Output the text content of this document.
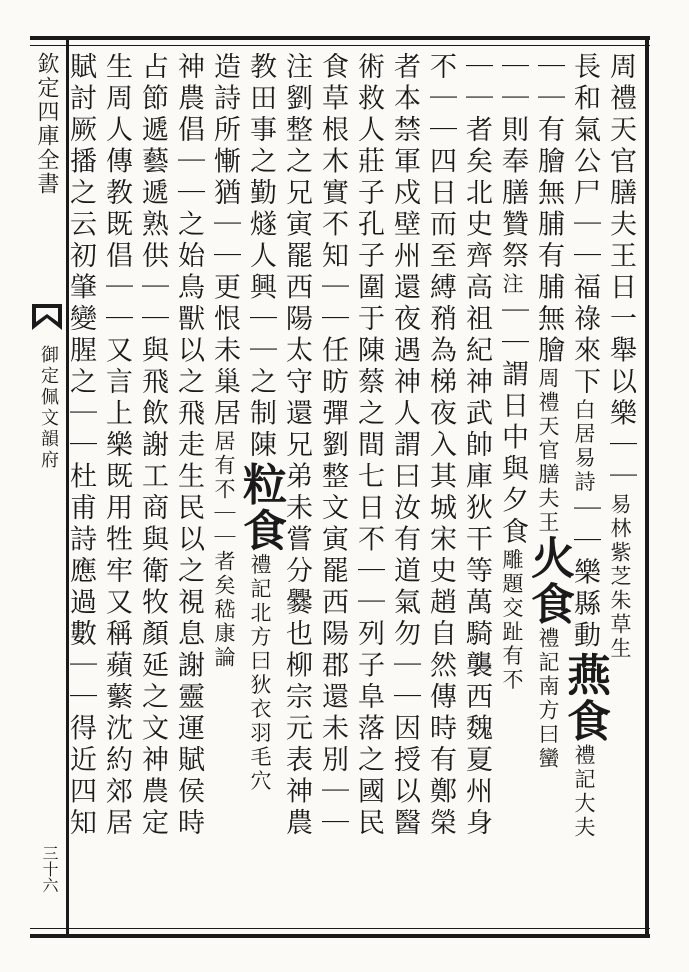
欽定四庫全書
御定佩文韻府
三十六
周禮天官膳夫王日一舉以樂｜｜易林紫芝朱草生
長和氣公尸｜｜福祿來下白居易詩｜｜樂縣動燕食禮記大夫
｜｜有膾無脯有脯無膾周禮天官膳夫王火食禮記南方曰蠻
｜｜則奉膳贊祭注｜｜謂日中與夕食雕題交趾有不
｜｜者矣北史齊高祖紀神武帥庫狄干等萬騎襲西魏夏州身
不｜｜四日而至縛矟為梯夜入其城宋史趙自然傳時有鄭榮
者本禁軍戍壁州還夜遇神人謂曰汝有道氣勿｜｜因授以醫
術救人莊子孔子圍于陳蔡之間七日不｜｜列子阜落之國民
食草根木實不知｜｜任昉彈劉整文寅罷西陽郡還未別｜｜
注劉整之兄寅罷西陽太守還兄弟未嘗分爨也柳宗元表神農
教田事之勤燧人興｜｜之制陳粒食禮記北方曰狄衣羽毛穴
造詩所慚猶｜｜更恨未巢居居有不｜｜者矣嵇康論
神農倡｜｜之始鳥獸以之飛走生民以之視息謝靈運賦侯時
占節遞藝遞熟供｜｜與飛飲謝工商與衛牧顏延之文神農定
生周人傳教既倡｜｜又言上樂既用牲牢又稱蘋蘩沈約郊居
賦討厥播之云初肇變腥之｜｜杜甫詩應過數｜｜得近四知
